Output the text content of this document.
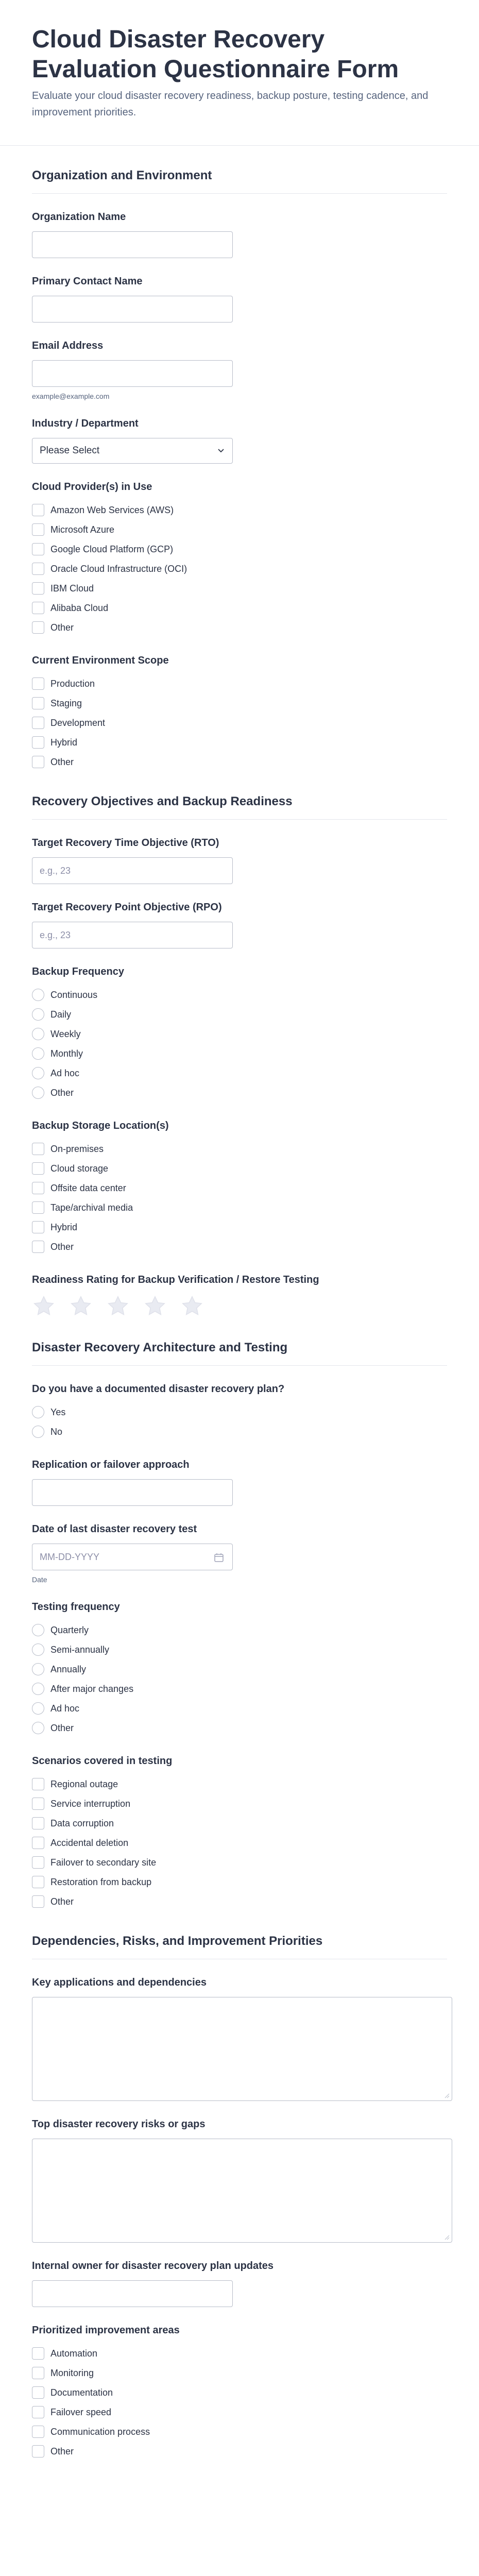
Cloud Disaster Recovery Evaluation Questionnaire Form

Evaluate your cloud disaster recovery readiness, backup posture, testing cadence, and improvement priorities.

Organization and Environment
Organization Name
Primary Contact Name
Email Address
example@example.com
Industry / Department
Please Select
Cloud Provider(s) in Use
Amazon Web Services (AWS)
Microsoft Azure
Google Cloud Platform (GCP)
Oracle Cloud Infrastructure (OCI)
IBM Cloud
Alibaba Cloud
Other
Current Environment Scope
Production
Staging
Development
Hybrid
Other
Recovery Objectives and Backup Readiness
Target Recovery Time Objective (RTO)
e.g., 23
Target Recovery Point Objective (RPO)
e.g., 23
Backup Frequency
Continuous
Daily
Weekly
Monthly
Ad hoc
Other
Backup Storage Location(s)
On-premises
Cloud storage
Offsite data center
Tape/archival media
Hybrid
Other
Readiness Rating for Backup Verification / Restore Testing
Disaster Recovery Architecture and Testing
Do you have a documented disaster recovery plan?
Yes
No
Replication or failover approach
Date of last disaster recovery test
MM-DD-YYYY
Date
Testing frequency
Quarterly
Semi-annually
Annually
After major changes
Ad hoc
Other
Scenarios covered in testing
Regional outage
Service interruption
Data corruption
Accidental deletion
Failover to secondary site
Restoration from backup
Other
Dependencies, Risks, and Improvement Priorities
Key applications and dependencies
Top disaster recovery risks or gaps
Internal owner for disaster recovery plan updates
Prioritized improvement areas
Automation
Monitoring
Documentation
Failover speed
Communication process
Other
